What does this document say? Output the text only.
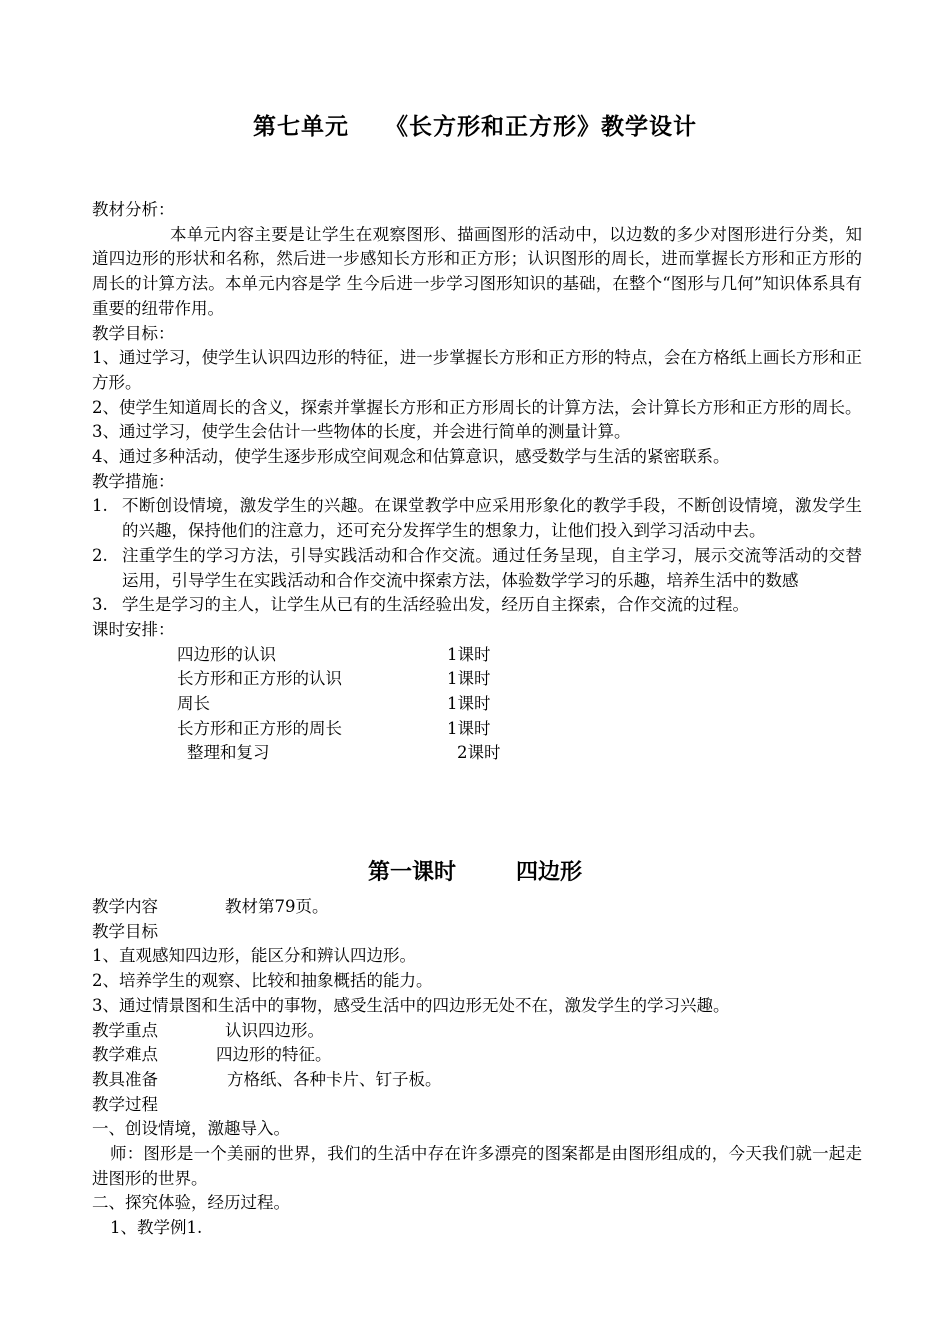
第七单元 《长方形和正方形》教学设计
教材分析：
本单元内容主要是让学生在观察图形、描画图形的活动中，以边数的多少对图形进行分类，知道四边形的形状和名称，然后进一步感知长方形和正方形；认识图形的周长，进而掌握长方形和正方形的周长的计算方法。本单元内容是学 生今后进一步学习图形知识的基础，在整个“图形与几何”知识体系具有重要的纽带作用。
教学目标：
1、通过学习，使学生认识四边形的特征，进一步掌握长方形和正方形的特点，会在方格纸上画长方形和正方形。
2、使学生知道周长的含义，探索并掌握长方形和正方形周长的计算方法，会计算长方形和正方形的周长。
3、通过学习，使学生会估计一些物体的长度，并会进行简单的测量计算。
4、通过多种活动，使学生逐步形成空间观念和估算意识，感受数学与生活的紧密联系。
教学措施：
1. 不断创设情境，激发学生的兴趣。在课堂教学中应采用形象化的教学手段，不断创设情境，激发学生的兴趣，保持他们的注意力，还可充分发挥学生的想象力，让他们投入到学习活动中去。
2. 注重学生的学习方法，引导实践活动和合作交流。通过任务呈现，自主学习，展示交流等活动的交替运用，引导学生在实践活动和合作交流中探索方法，体验数学学习的乐趣，培养生活中的数感
3. 学生是学习的主人，让学生从已有的生活经验出发，经历自主探索，合作交流的过程。
课时安排：
四边形的认识	1课时
长方形和正方形的认识	1课时
周长	1课时
长方形和正方形的周长	1课时
整理和复习	2课时
第一课时	四边形
教学内容	教材第79页。
教学目标
1、直观感知四边形，能区分和辨认四边形。
2、培养学生的观察、比较和抽象概括的能力。
3、通过情景图和生活中的事物，感受生活中的四边形无处不在，激发学生的学习兴趣。
教学重点	认识四边形。
教学难点	四边形的特征。
教具准备	方格纸、各种卡片、钉子板。
教学过程
一、创设情境，激趣导入。
师：图形是一个美丽的世界，我们的生活中存在许多漂亮的图案都是由图形组成的，今天我们就一起走进图形的世界。
二、探究体验，经历过程。
1、教学例1.
